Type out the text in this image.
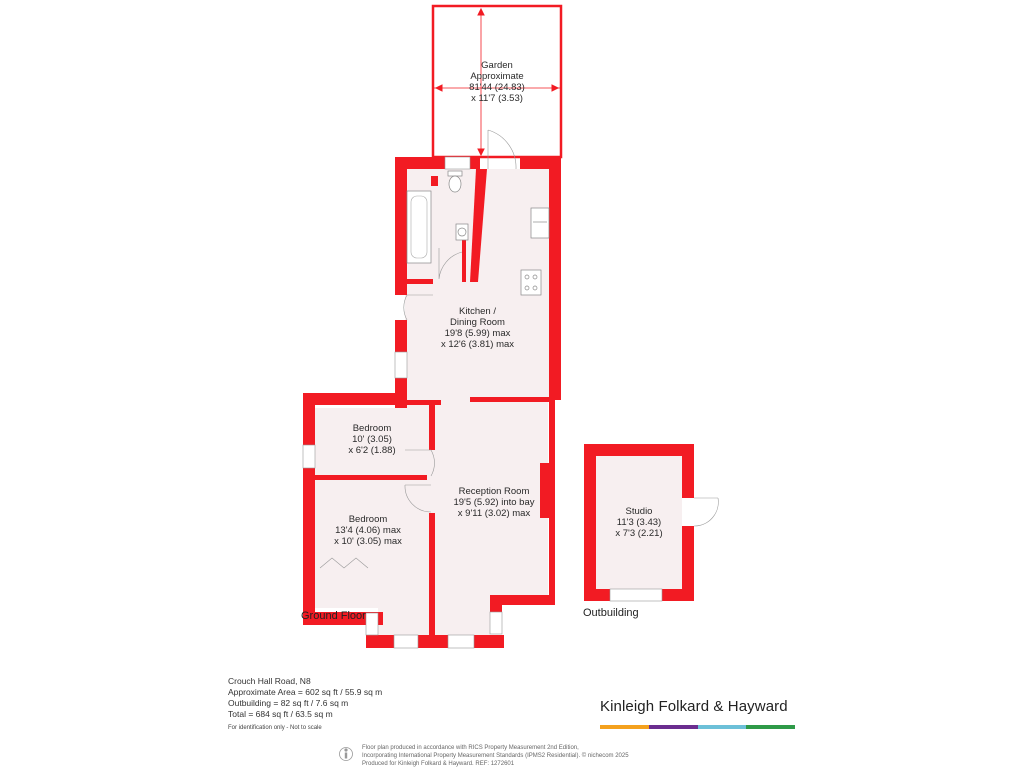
Garden
Approximate
81'44 (24.83)
x 11'7 (3.53)
Kitchen /
Dining Room
19'8 (5.99) max
x 12'6 (3.81) max
Bedroom
10' (3.05)
x 6'2 (1.88)
Bedroom
13'4 (4.06) max
x 10' (3.05) max
Reception Room
19'5 (5.92) into bay
x 9'11 (3.02) max	Studio
11'3 (3.43)
x 7'3 (2.21)
Ground Floor	Outbuilding
Crouch Hall Road, N8
Approximate Area = 602 sq ft / 55.9 sq m
Outbuilding = 82 sq ft / 7.6 sq m
Total = 684 sq ft / 63.5 sq m
For identification only - Not to scale
Kinleigh Folkard & Hayward
Floor plan produced in accordance with RICS Property Measurement 2nd Edition,
Incorporating International Property Measurement Standards (IPMS2 Residential). © nichecom 2025
Produced for Kinleigh Folkard & Hayward. REF: 1272601
